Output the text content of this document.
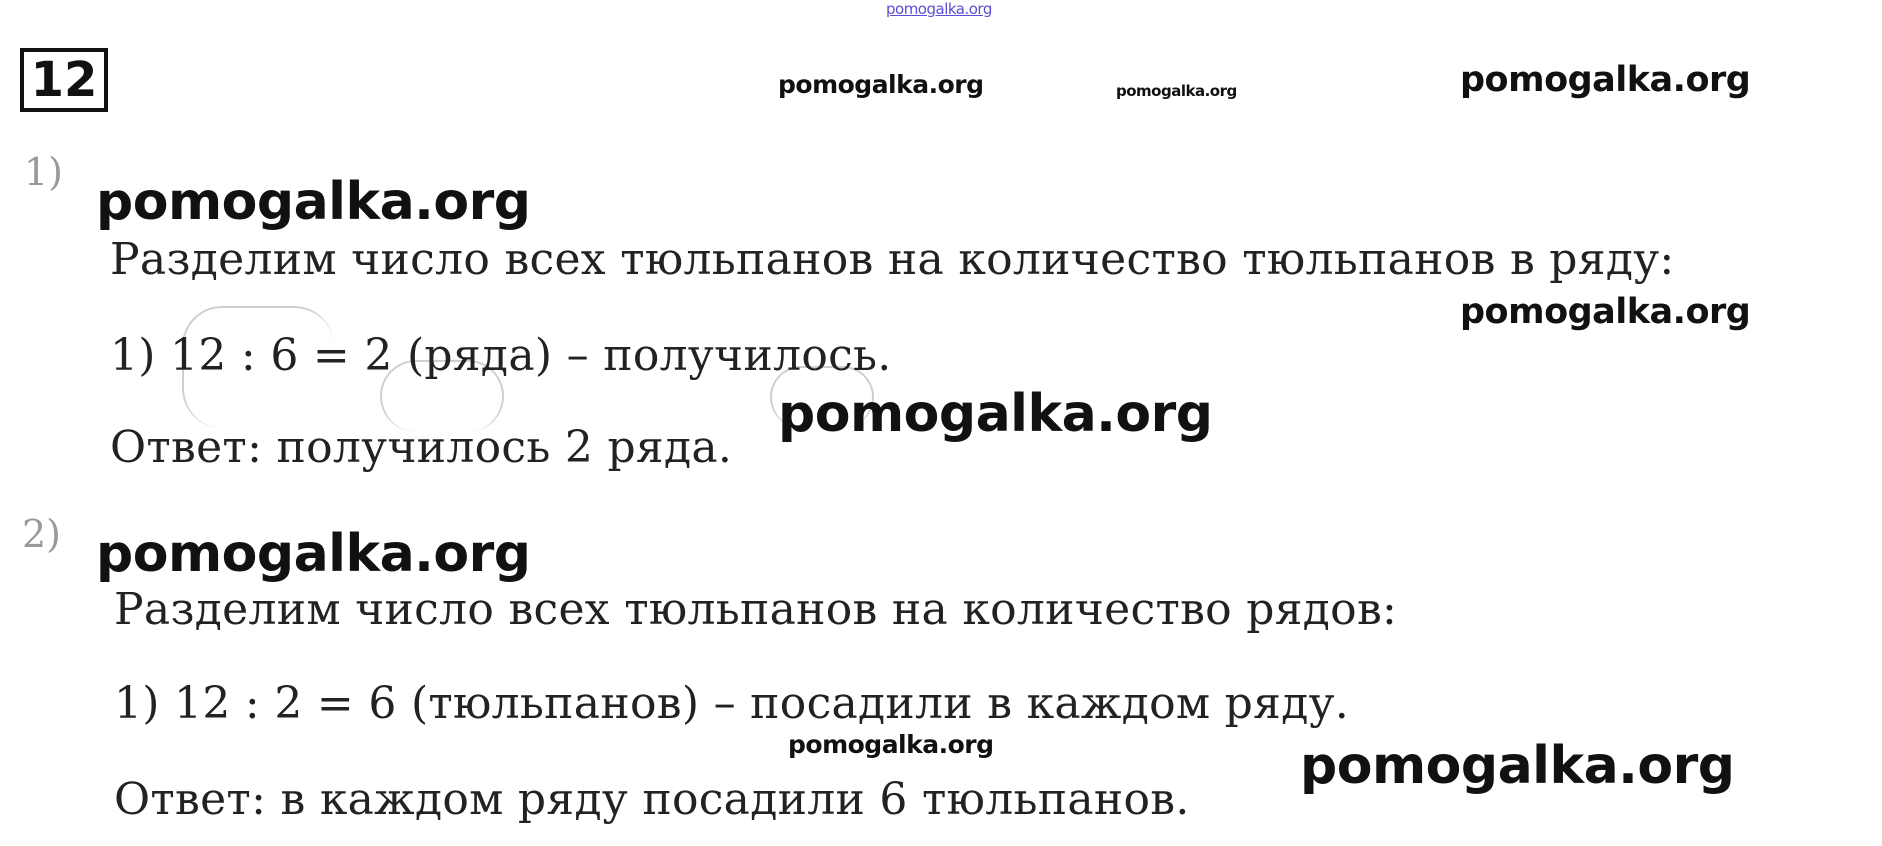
pomogalka.org
12	pomogalka.org	pomogalka.org	pomogalka.org
1) pomogalka.org
Разделим число всех тюльпанов на количество тюльпанов в ряду:
pomogalka.org
1) 12 : 6 = 2 (ряда) – получилось.
pomogalka.org
Ответ: получилось 2 ряда.
2) pomogalka.org
Разделим число всех тюльпанов на количество рядов:
1) 12 : 2 = 6 (тюльпанов) – посадили в каждом ряду.
pomogalka.org
Ответ: в каждом ряду посадили 6 тюльпанов.
pomogalka.org
